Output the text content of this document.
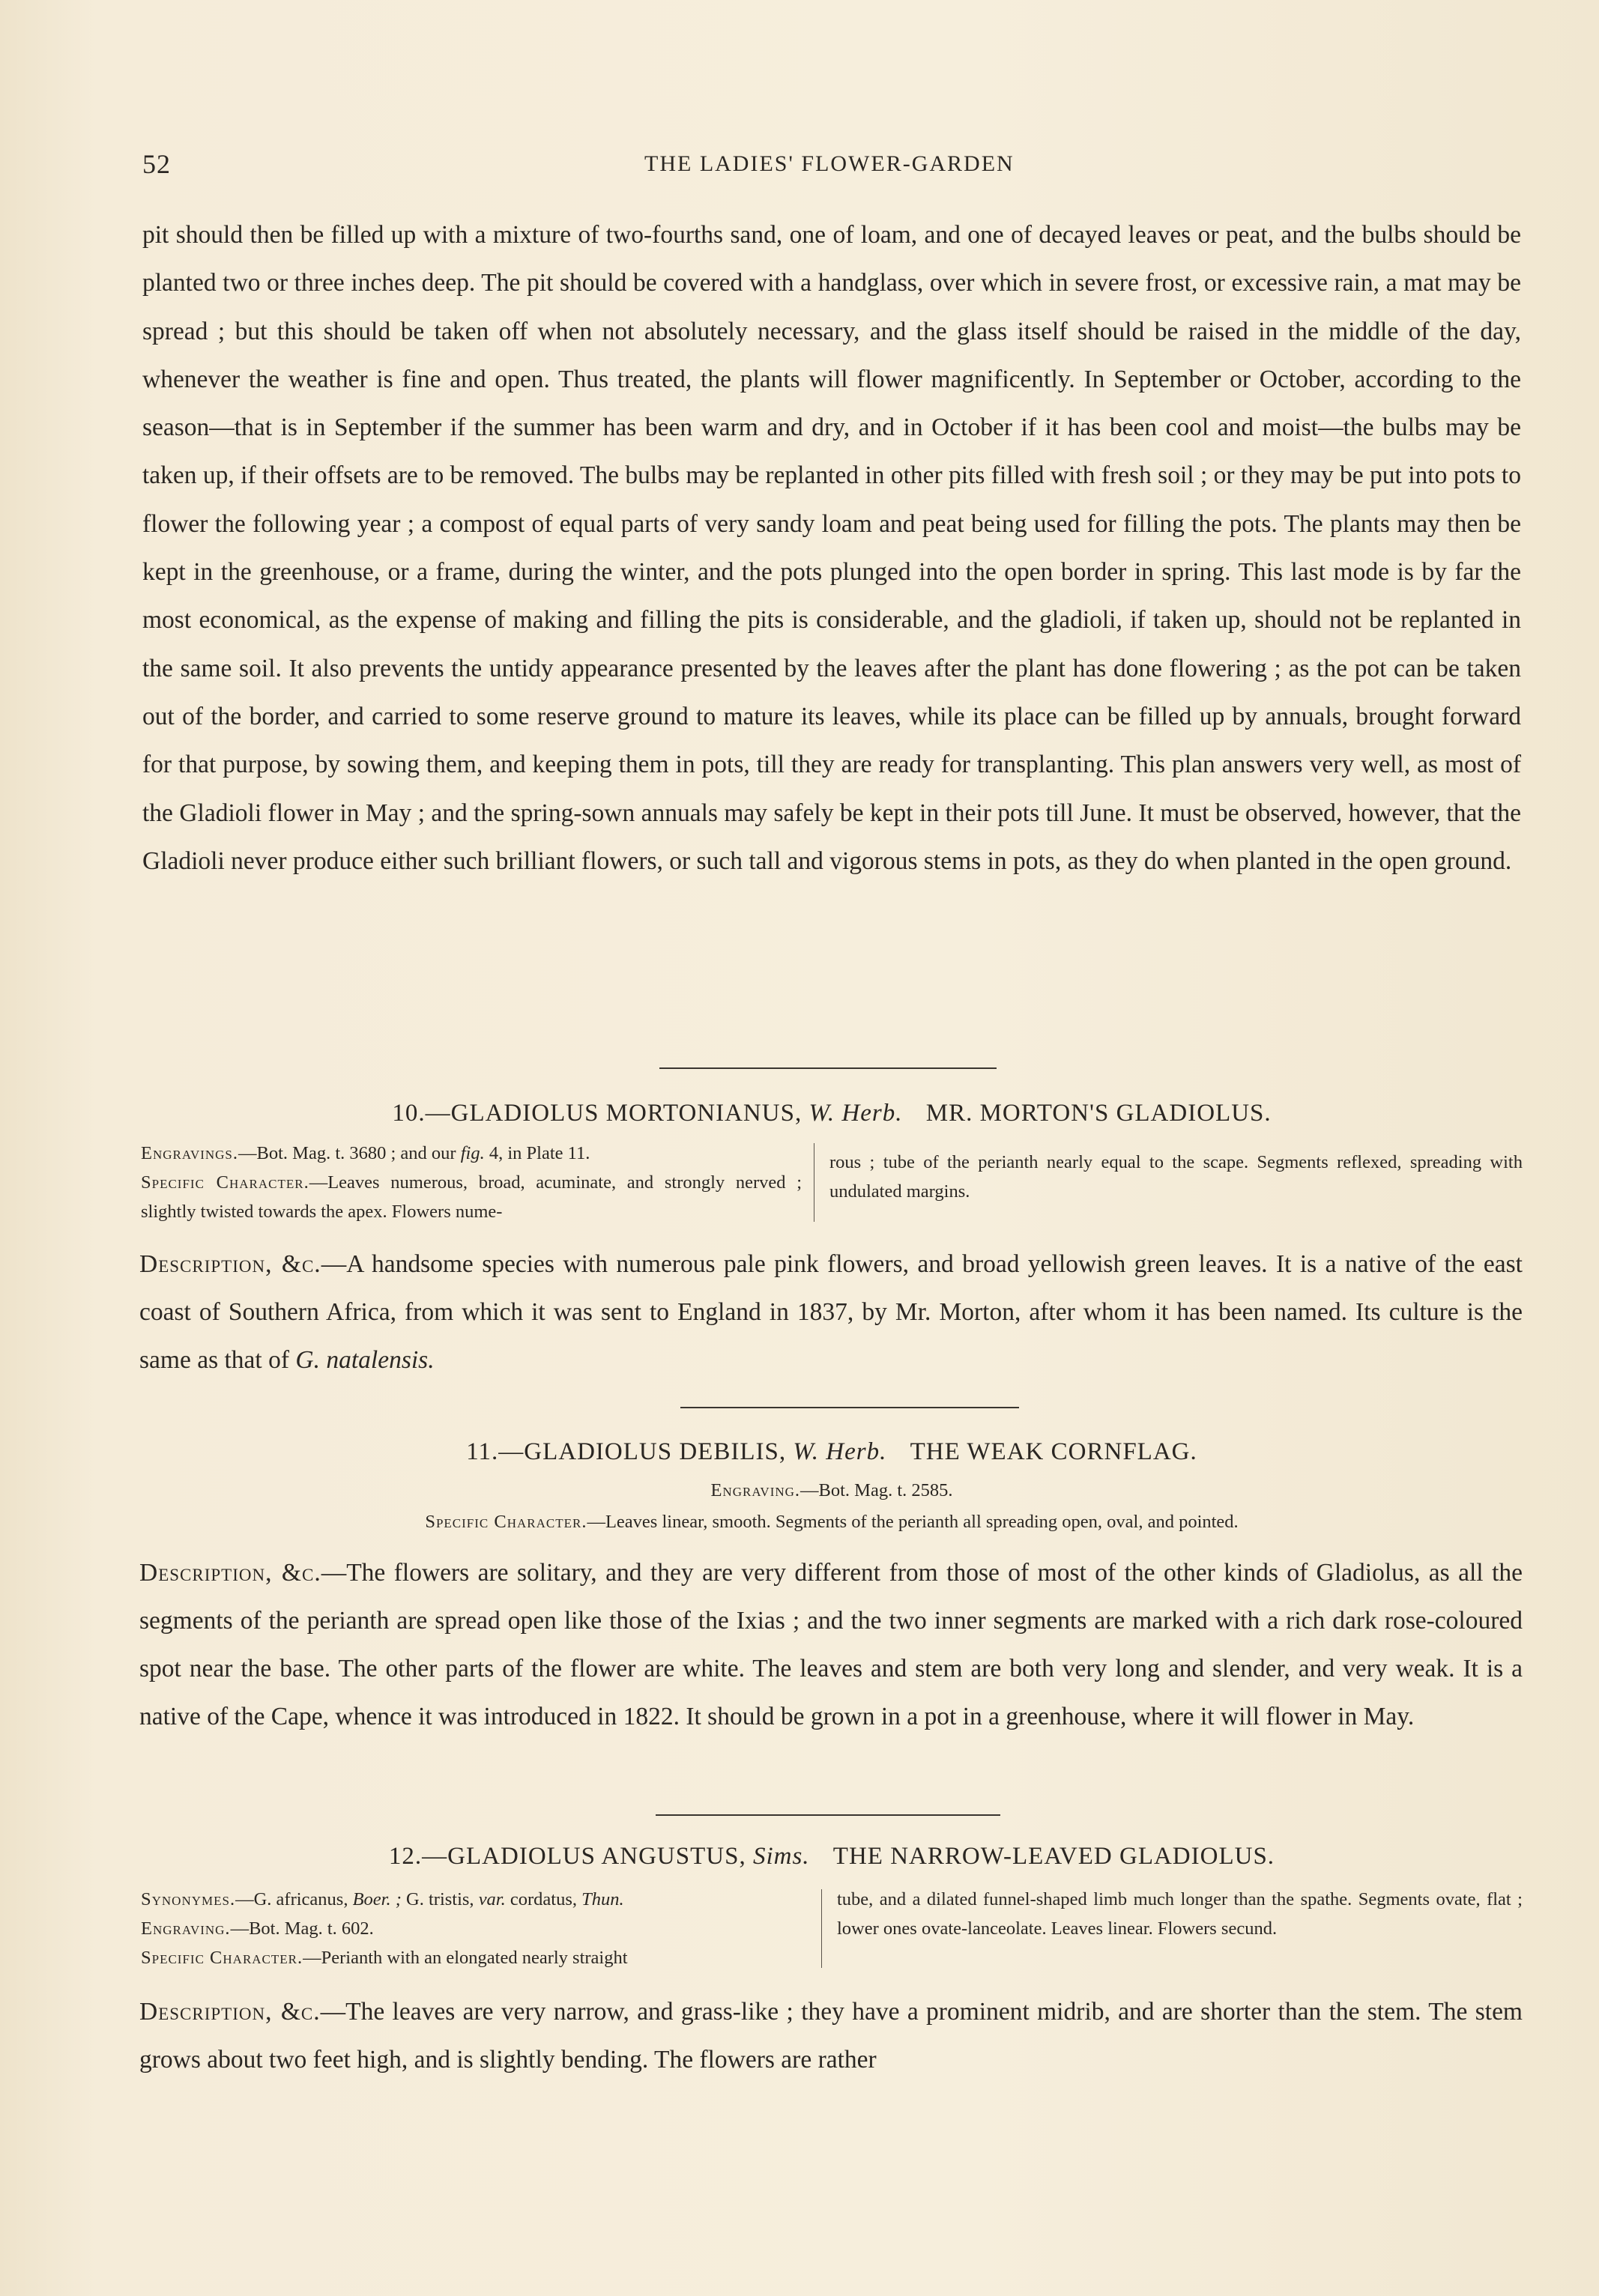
52	THE LADIES' FLOWER-GARDEN

pit should then be filled up with a mixture of two-fourths sand, one of loam, and one of decayed leaves or peat, and the bulbs should be planted two or three inches deep. The pit should be covered with a handglass, over which in severe frost, or excessive rain, a mat may be spread ; but this should be taken off when not absolutely necessary, and the glass itself should be raised in the middle of the day, whenever the weather is fine and open. Thus treated, the plants will flower magnificently. In September or October, according to the season—that is in September if the summer has been warm and dry, and in October if it has been cool and moist—the bulbs may be taken up, if their offsets are to be removed. The bulbs may be replanted in other pits filled with fresh soil ; or they may be put into pots to flower the following year ; a compost of equal parts of very sandy loam and peat being used for filling the pots. The plants may then be kept in the greenhouse, or a frame, during the winter, and the pots plunged into the open border in spring. This last mode is by far the most economical, as the expense of making and filling the pits is considerable, and the gladioli, if taken up, should not be replanted in the same soil. It also prevents the untidy appearance presented by the leaves after the plant has done flowering ; as the pot can be taken out of the border, and carried to some reserve ground to mature its leaves, while its place can be filled up by annuals, brought forward for that purpose, by sowing them, and keeping them in pots, till they are ready for transplanting. This plan answers very well, as most of the Gladioli flower in May ; and the spring-sown annuals may safely be kept in their pots till June. It must be observed, however, that the Gladioli never produce either such brilliant flowers, or such tall and vigorous stems in pots, as they do when planted in the open ground.

10.—GLADIOLUS MORTONIANUS, W. Herb. MR. MORTON'S GLADIOLUS.
Engravings.—Bot. Mag. t. 3680 ; and our fig. 4, in Plate 11.
Specific Character.—Leaves numerous, broad, acuminate, and strongly nerved ; slightly twisted towards the apex. Flowers nume-
rous ; tube of the perianth nearly equal to the scape. Segments reflexed, spreading with undulated margins.

Description, &c.—A handsome species with numerous pale pink flowers, and broad yellowish green leaves. It is a native of the east coast of Southern Africa, from which it was sent to England in 1837, by Mr. Morton, after whom it has been named. Its culture is the same as that of G. natalensis.

11.—GLADIOLUS DEBILIS, W. Herb. THE WEAK CORNFLAG.
Engraving.—Bot. Mag. t. 2585.
Specific Character.—Leaves linear, smooth. Segments of the perianth all spreading open, oval, and pointed.

Description, &c.—The flowers are solitary, and they are very different from those of most of the other kinds of Gladiolus, as all the segments of the perianth are spread open like those of the Ixias ; and the two inner segments are marked with a rich dark rose-coloured spot near the base. The other parts of the flower are white. The leaves and stem are both very long and slender, and very weak. It is a native of the Cape, whence it was introduced in 1822. It should be grown in a pot in a greenhouse, where it will flower in May.

12.—GLADIOLUS ANGUSTUS, Sims. THE NARROW-LEAVED GLADIOLUS.
Synonymes.—G. africanus, Boer. ; G. tristis, var. cordatus, Thun.
Engraving.—Bot. Mag. t. 602.
Specific Character.—Perianth with an elongated nearly straight
tube, and a dilated funnel-shaped limb much longer than the spathe. Segments ovate, flat ; lower ones ovate-lanceolate. Leaves linear. Flowers secund.

Description, &c.—The leaves are very narrow, and grass-like ; they have a prominent midrib, and are shorter than the stem. The stem grows about two feet high, and is slightly bending. The flowers are rather
